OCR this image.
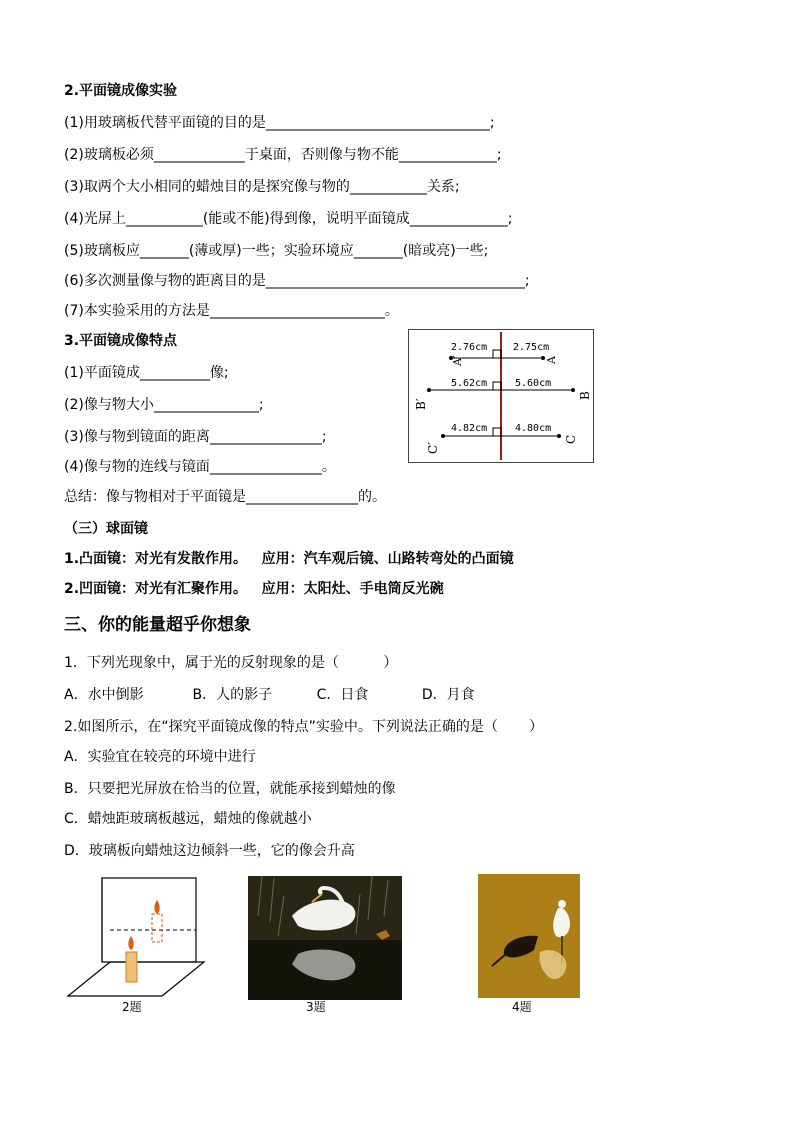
2.平面镜成像实验
(1)用玻璃板代替平面镜的目的是________________________________;
(2)玻璃板必须_____________于桌面，否则像与物不能______________;
(3)取两个大小相同的蜡烛目的是探究像与物的___________关系;
(4)光屏上___________(能或不能)得到像，说明平面镜成______________;
(5)玻璃板应_______(薄或厚)一些；实验环境应_______(暗或亮)一些;
(6)多次测量像与物的距离目的是_____________________________________;
(7)本实验采用的方法是_________________________。
3.平面镜成像特点
(1)平面镜成__________像;
(2)像与物大小_______________;
(3)像与物到镜面的距离________________;
(4)像与物的连线与镜面________________。
总结：像与物相对于平面镜是________________的。
2.76cm	2.75cm
A′	A
5.62cm	5.60cm
B′
B
4.82cm	4.80cm
C′
C
（三）球面镜
1.凸面镜：对光有发散作用。   应用：汽车观后镜、山路转弯处的凸面镜
2.凹面镜：对光有汇聚作用。   应用：太阳灶、手电筒反光碗
三、你的能量超乎你想象
1．下列光现象中，属于光的反射现象的是（          ）
A．水中倒影           B．人的影子          C．日食            D．月食
2.如图所示，在“探究平面镜成像的特点”实验中。下列说法正确的是（       ）
A．实验宜在较亮的环境中进行
B．只要把光屏放在恰当的位置，就能承接到蜡烛的像
C．蜡烛距玻璃板越远，蜡烛的像就越小
D．玻璃板向蜡烛这边倾斜一些，它的像会升高
2题	3题	4题
